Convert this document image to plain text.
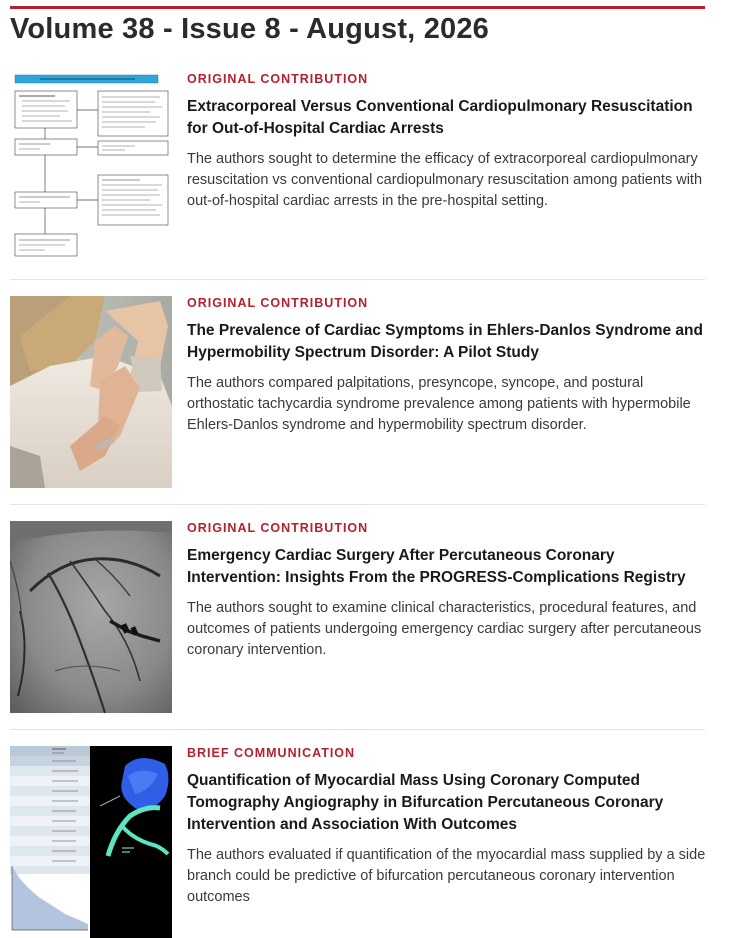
Volume 38 - Issue 8 - August, 2026
ORIGINAL CONTRIBUTION
Extracorporeal Versus Conventional Cardiopulmonary Resuscitation for Out-of-Hospital Cardiac Arrests
The authors sought to determine the efficacy of extracorporeal cardiopulmonary resuscitation vs conventional cardiopulmonary resuscitation among patients with out-of-hospital cardiac arrests in the pre-hospital setting.
ORIGINAL CONTRIBUTION
The Prevalence of Cardiac Symptoms in Ehlers-Danlos Syndrome and Hypermobility Spectrum Disorder: A Pilot Study
The authors compared palpitations, presyncope, syncope, and postural orthostatic tachycardia syndrome prevalence among patients with hypermobile Ehlers-Danlos syndrome and hypermobility spectrum disorder.
ORIGINAL CONTRIBUTION
Emergency Cardiac Surgery After Percutaneous Coronary Intervention: Insights From the PROGRESS-Complications Registry
The authors sought to examine clinical characteristics, procedural features, and outcomes of patients undergoing emergency cardiac surgery after percutaneous coronary intervention.
BRIEF COMMUNICATION
Quantification of Myocardial Mass Using Coronary Computed Tomography Angiography in Bifurcation Percutaneous Coronary Intervention and Association With Outcomes
The authors evaluated if quantification of the myocardial mass supplied by a side branch could be predictive of bifurcation percutaneous coronary intervention outcomes
